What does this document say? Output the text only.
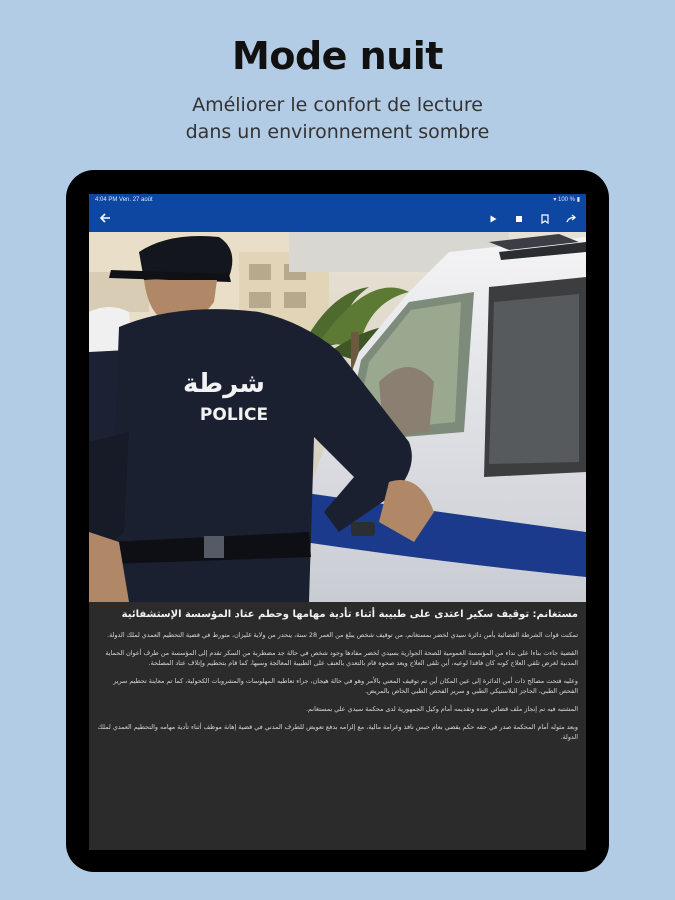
Mode nuit
Améliorer le confort de lecture
dans un environnement sombre
4:04 PM Ven. 27 août	▾ 100 % ▮
شرطة
POLICE
مستغانم: توقيف سكير اعتدى على طبيبة أثناء تأدية مهامها وحطم عتاد المؤسسة الإستشفائية

تمكنت قوات الشرطة القضائية بأمن دائرة سيدي لخضر بمستغانم، من توقيف شخص يبلغ من العمر 28 سنة، ينحدر من ولاية غليزان، متورط في قضية التحطيم العمدي لملك الدولة.

القضية جاءت بناءا على نداء من المؤسسة العمومية للصحة الجوارية بسيدي لخضر مفادها وجود شخص في حالة جد مضطربة من السكر تقدم إلى المؤسسة من طرف أعوان الحماية المدنية لغرض تلقي العلاج كونه كان فاقدا لوعيه، أين تلقى العلاج ويعد صحوه قام بالتعدي بالعنف على الطبيبة المعالجة وسبها، كما قام بتحطيم وإتلاف عتاد المصلحة.

وعليه فتحت مصالح ذات أمن الدائرة إلى عين المكان أين تم توقيف المعني بالأمر وهو في حالة هيجان، جراء تعاطيه المهلوسات والمشروبات الكحولية، كما تم معاينة تحطيم سرير الفحص الطبي، الحاجز البلاستيكي الطبي و سرير الفحص الطبي الخاص بالمريض.

المشتبه فيه تم إنجاز ملف قضائي ضده وتقديمه أمام وكيل الجمهورية لدى محكمة سيدي علي بمستغانم.

وبعد مثوله أمام المحكمة صدر في حقه حكم يقضي بعام حبس نافذ وغرامة مالية، مع إلزامه بدفع تعويض للطرف المدني في قضية إهانة موظف أثناء تأدية مهامه والتحطيم العمدي لملك الدولة.
